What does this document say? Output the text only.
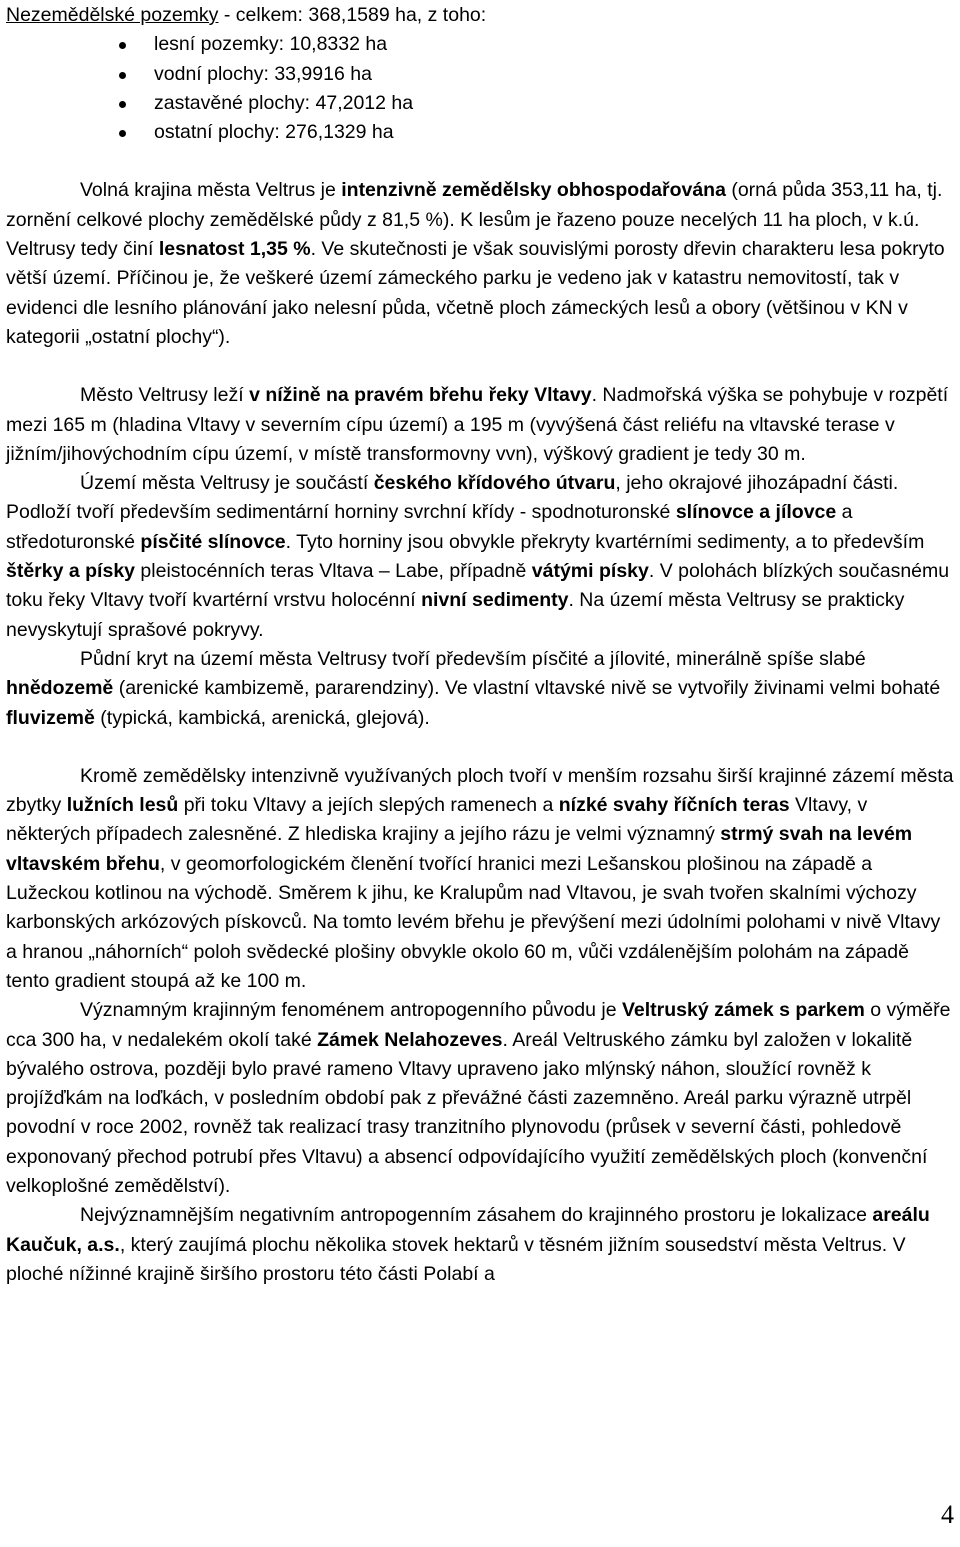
Nezemědělské pozemky - celkem: 368,1589 ha, z toho:

lesní pozemky: 10,8332 ha
vodní plochy: 33,9916 ha
zastavěné plochy: 47,2012 ha
ostatní plochy: 276,1329 ha

Volná krajina města Veltrus je intenzivně zemědělsky obhospodařována (orná půda 353,11 ha, tj. zornění celkové plochy zemědělské půdy z 81,5 %). K lesům je řazeno pouze necelých 11 ha ploch, v k.ú. Veltrusy tedy činí lesnatost 1,35 %. Ve skutečnosti je však souvislými porosty dřevin charakteru lesa pokryto větší území. Příčinou je, že veškeré území zámeckého parku je vedeno jak v katastru nemovitostí, tak v evidenci dle lesního plánování jako nelesní půda, včetně ploch zámeckých lesů a obory (většinou v KN v kategorii „ostatní plochy“).

Město Veltrusy leží v nížině na pravém břehu řeky Vltavy. Nadmořská výška se pohybuje v rozpětí mezi 165 m (hladina Vltavy v severním cípu území) a 195 m (vyvýšená část reliéfu na vltavské terase v jižním/jihovýchodním cípu území, v místě transformovny vvn), výškový gradient je tedy 30 m.

Území města Veltrusy je součástí českého křídového útvaru, jeho okrajové jihozápadní části. Podloží tvoří především sedimentární horniny svrchní křídy - spodnoturonské slínovce a jílovce a středoturonské písčité slínovce. Tyto horniny jsou obvykle překryty kvartérními sedimenty, a to především štěrky a písky pleistocénních teras Vltava – Labe, případně vátými písky. V polohách blízkých současnému toku řeky Vltavy tvoří kvartérní vrstvu holocénní nivní sedimenty. Na území města Veltrusy se prakticky nevyskytují sprašové pokryvy.

Půdní kryt na území města Veltrusy tvoří především písčité a jílovité, minerálně spíše slabé hnědozemě (arenické kambizemě, pararendziny). Ve vlastní vltavské nivě se vytvořily živinami velmi bohaté fluvizemě (typická, kambická, arenická, glejová).

Kromě zemědělsky intenzivně využívaných ploch tvoří v menším rozsahu širší krajinné zázemí města zbytky lužních lesů při toku Vltavy a jejích slepých ramenech a nízké svahy říčních teras Vltavy, v některých případech zalesněné. Z hlediska krajiny a jejího rázu je velmi významný strmý svah na levém vltavském břehu, v geomorfologickém členění tvořící hranici mezi Lešanskou plošinou na západě a Lužeckou kotlinou na východě. Směrem k jihu, ke Kralupům nad Vltavou, je svah tvořen skalními výchozy karbonských arkózových pískovců. Na tomto levém břehu je převýšení mezi údolními polohami v nivě Vltavy a hranou „náhorních“ poloh svědecké plošiny obvykle okolo 60 m, vůči vzdálenějším polohám na západě tento gradient stoupá až ke 100 m.

Významným krajinným fenoménem antropogenního původu je Veltruský zámek s parkem o výměře cca 300 ha, v nedalekém okolí také Zámek Nelahozeves. Areál Veltruského zámku byl založen v lokalitě bývalého ostrova, později bylo pravé rameno Vltavy upraveno jako mlýnský náhon, sloužící rovněž k projížďkám na loďkách, v posledním období pak z převážné části zazemněno. Areál parku výrazně utrpěl povodní v roce 2002, rovněž tak realizací trasy tranzitního plynovodu (průsek v severní části, pohledově exponovaný přechod potrubí přes Vltavu) a absencí odpovídajícího využití zemědělských ploch (konvenční velkoplošné zemědělství).

Nejvýznamnějším negativním antropogenním zásahem do krajinného prostoru je lokalizace areálu Kaučuk, a.s., který zaujímá plochu několika stovek hektarů v těsném jižním sousedství města Veltrus. V ploché nížinné krajině širšího prostoru této části Polabí a

4
